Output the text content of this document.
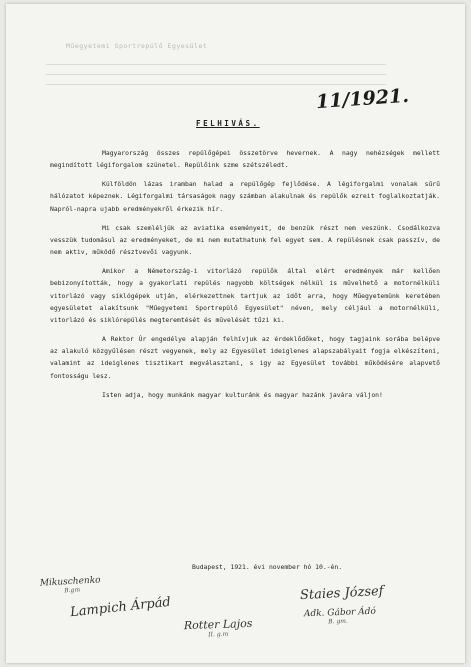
Műegyetemi Sportrepülő Egyesület
11/1921.
FELHIVÁS.

Magyarország összes repülőgépei összetörve hevernek. A nagy nehézségek mellett megindított légiforgalom szünetel. Repülőink szme szétszéledt.

Külföldön lázas iramban halad a repülőgép fejlődése. A légiforgalmi vonalak sűrű hálózatot képeznek. Légiforgalmi társaságok nagy számban alakulnak és repülők ezreit foglalkoztatják. Napról-napra ujabb eredményekről érkezik hír.

Mi csak szemléljük az aviatika eseményeit, de benzük részt nem veszünk. Csodálkozva vesszük tudomásul az eredményeket, de mi nem mutathatunk fel egyet sem. A repülésnek csak passzív, de nem aktiv, működő résztvevői vagyunk.

Amikor a Németország-i vitorlázó repülők által elért eredmények már kellően bebizonyították, hogy a gyakorlati repülés nagyobb költségek nélkül is művelhető a motornélküli vitorlázó vagy siklógépek utján, elérkezettnek tartjuk az időt arra, hogy Műegyetemünk keretében egyesületet alakítsunk "Műegyetemi Sportrepülő Egyesület" néven, mely céljául a motornélküli, vitorlázó és siklórepülés megteremtését és művelését tűzi ki.

A Rektor Úr engedélye alapján felhívjuk az érdeklődőket, hogy tagjaink sorába belépve az alakuló közgyűlésen részt vegyenek, mely az Egyesület ideiglenes alapszabályait fogja elkészíteni, valamint az ideiglenes tisztikart megválasztani, s igy az Egyesület további működésére alapvető fontosságu lesz.

Isten adja, hogy munkánk magyar kulturánk és magyar hazánk javára váljon!

Budapest, 1921. évi november hó 10.-én.
Mikuschenko
B.gm
Lampich Árpád
Rotter Lajos
II. g.m
Staies József
Adk. Gábor Ádó
B. gm.
